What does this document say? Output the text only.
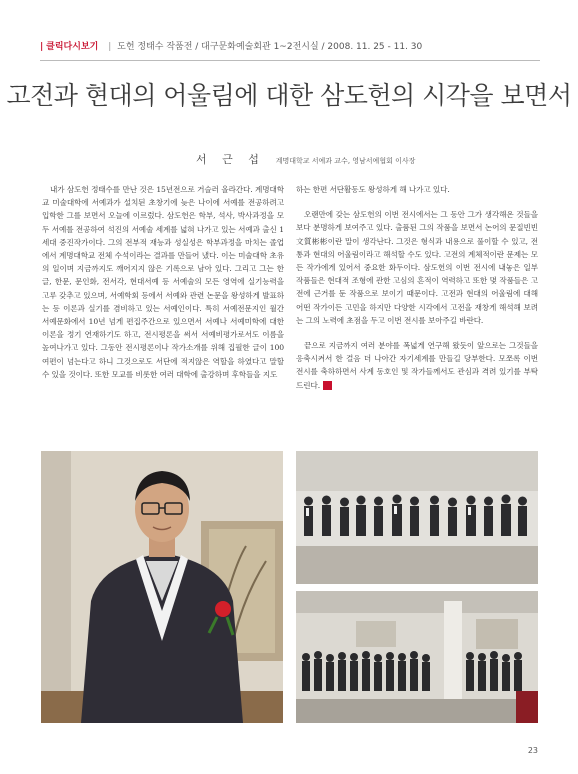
| 클릭다시보기 | 도헌 정태수 작품전 / 대구문화예술회관 1~2전시실 / 2008. 11. 25 - 11. 30
고전과 현대의 어울림에 대한 삼도헌의 시각을 보면서
서 근 섭 계명대학교 서예과 교수, 영남서예협회 이사장

내가 삼도헌 정태수를 만난 것은 15년전으로 거슬러 올라간다. 계명대학교 미술대학에 서예과가 설치된 초창기에 늦은 나이에 서예를 전공하려고 입학한 그를 보면서 오늘에 이르렀다. 삼도헌은 학부, 석사, 박사과정을 모두 서예를 전공하여 석진의 서예술 세계를 넓혀 나가고 있는 서예과 출신 1세대 중진작가이다. 그의 전부적 재능과 성실성은 학부과정을 마치는 졸업에서 계명대학교 전체 수석이라는 결과를 만들어 냈다. 이는 미술대학 초유의 일이며 지금까지도 깨어지지 않은 기록으로 남아 있다. 그리고 그는 한글, 한문, 문인화, 전서각, 현대서예 등 서예술의 모든 영역에 실기능력을 고루 갖추고 있으며, 서예학회 등에서 서예와 관련 논문을 왕성하게 발표하는 등 이론과 실기를 겸비하고 있는 서예인이다. 특히 서예전문지인 월간 서예문화에서 10년 넘게 편집주간으로 있으면서 서예나 서예미학에 대한 이론을 정기 연재하기도 하고, 전시평론을 써서 서예비평가로서도 이름을 높여나가고 있다. 그동안 전시평론이나 작가소개를 위해 집필한 글이 100여편이 넘는다고 하니 그것으로도 서단에 적지않은 역할을 하였다고 말할 수 있을 것이다. 또한 모교를 비롯한 여러 대학에 출강하며 후학들을 지도

하는 한편 서단활동도 왕성하게 해 나가고 있다.

오랜만에 갖는 삼도헌의 이번 전시에서는 그 동안 그가 생각해온 것들을 보다 분명하게 보여주고 있다. 출품된 그의 작품을 보면서 논어의 문질빈빈文質彬彬이란 말이 생각난다. 그것은 형식과 내용으로 풀이할 수 있고, 전통과 현대의 어울림이라고 해석할 수도 있다. 고전의 계체적이란 문제는 모든 작가에게 있어서 중요한 화두이다. 삼도헌의 이번 전시에 내놓은 일부 작품들은 현대적 조형에 관한 고심의 흔적이 역력하고 또한 몇 작품들은 고전에 근거를 둔 작품으로 보이기 때문이다. 고전과 현대의 어울림에 대해 어떤 작가이든 고민을 하지만 다양한 시각에서 고전을 재창게 해석해 보려는 그의 노력에 초점을 두고 이번 전시를 보아주길 바란다.

끝으로 지금까지 여러 분야를 폭넓게 연구해 왔듯이 앞으로는 그것들을 응축시켜서 한 걸음 더 나아간 자기세계를 만들길 당부한다. 모쪼록 이번 전시를 축하하면서 사계 동호인 및 작가들께서도 관심과 격려 있기를 부탁드린다.

23
